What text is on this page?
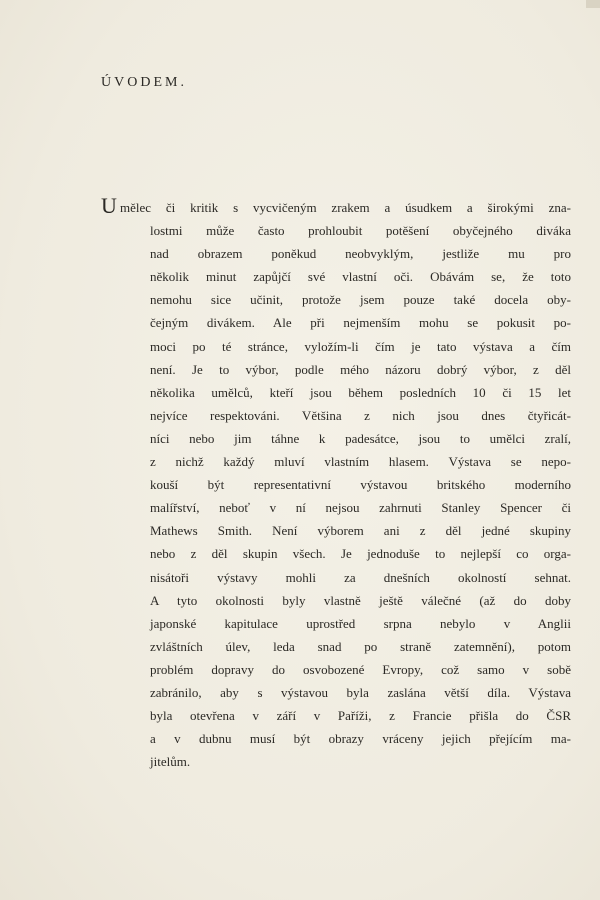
ÚVODEM.
U mělec či kritik s vycvičeným zrakem a úsudkem a širokými zna-
lostmi může často prohloubit potěšení obyčejného diváka
nad obrazem poněkud neobvyklým, jestliže mu pro
několik minut zapůjčí své vlastní oči. Obávám se, že toto
nemohu sice učinit, protože jsem pouze také docela oby-
čejným divákem. Ale při nejmenším mohu se pokusit po-
moci po té stránce, vyložím-li čím je tato výstava a čím
není. Je to výbor, podle mého názoru dobrý výbor, z děl
několika umělců, kteří jsou během posledních 10 či 15 let
nejvíce respektováni. Většina z nich jsou dnes čtyřicát-
níci nebo jim táhne k padesátce, jsou to umělci zralí,
z nichž každý mluví vlastním hlasem. Výstava se nepo-
kouší být representativní výstavou britského moderního
malířství, neboť v ní nejsou zahrnuti Stanley Spencer či
Mathews Smith. Není výborem ani z děl jedné skupiny
nebo z děl skupin všech. Je jednoduše to nejlepší co orga-
nisátoři výstavy mohli za dnešních okolností sehnat.
A tyto okolnosti byly vlastně ještě válečné (až do doby
japonské kapitulace uprostřed srpna nebylo v Anglii
zvláštních úlev, leda snad po straně zatemnění), potom
problém dopravy do osvobozené Evropy, což samo v sobě
zabránilo, aby s výstavou byla zaslána větší díla. Výstava
byla otevřena v září v Paříži, z Francie přišla do ČSR
a v dubnu musí být obrazy vráceny jejich přejícím ma-
jitelům.
